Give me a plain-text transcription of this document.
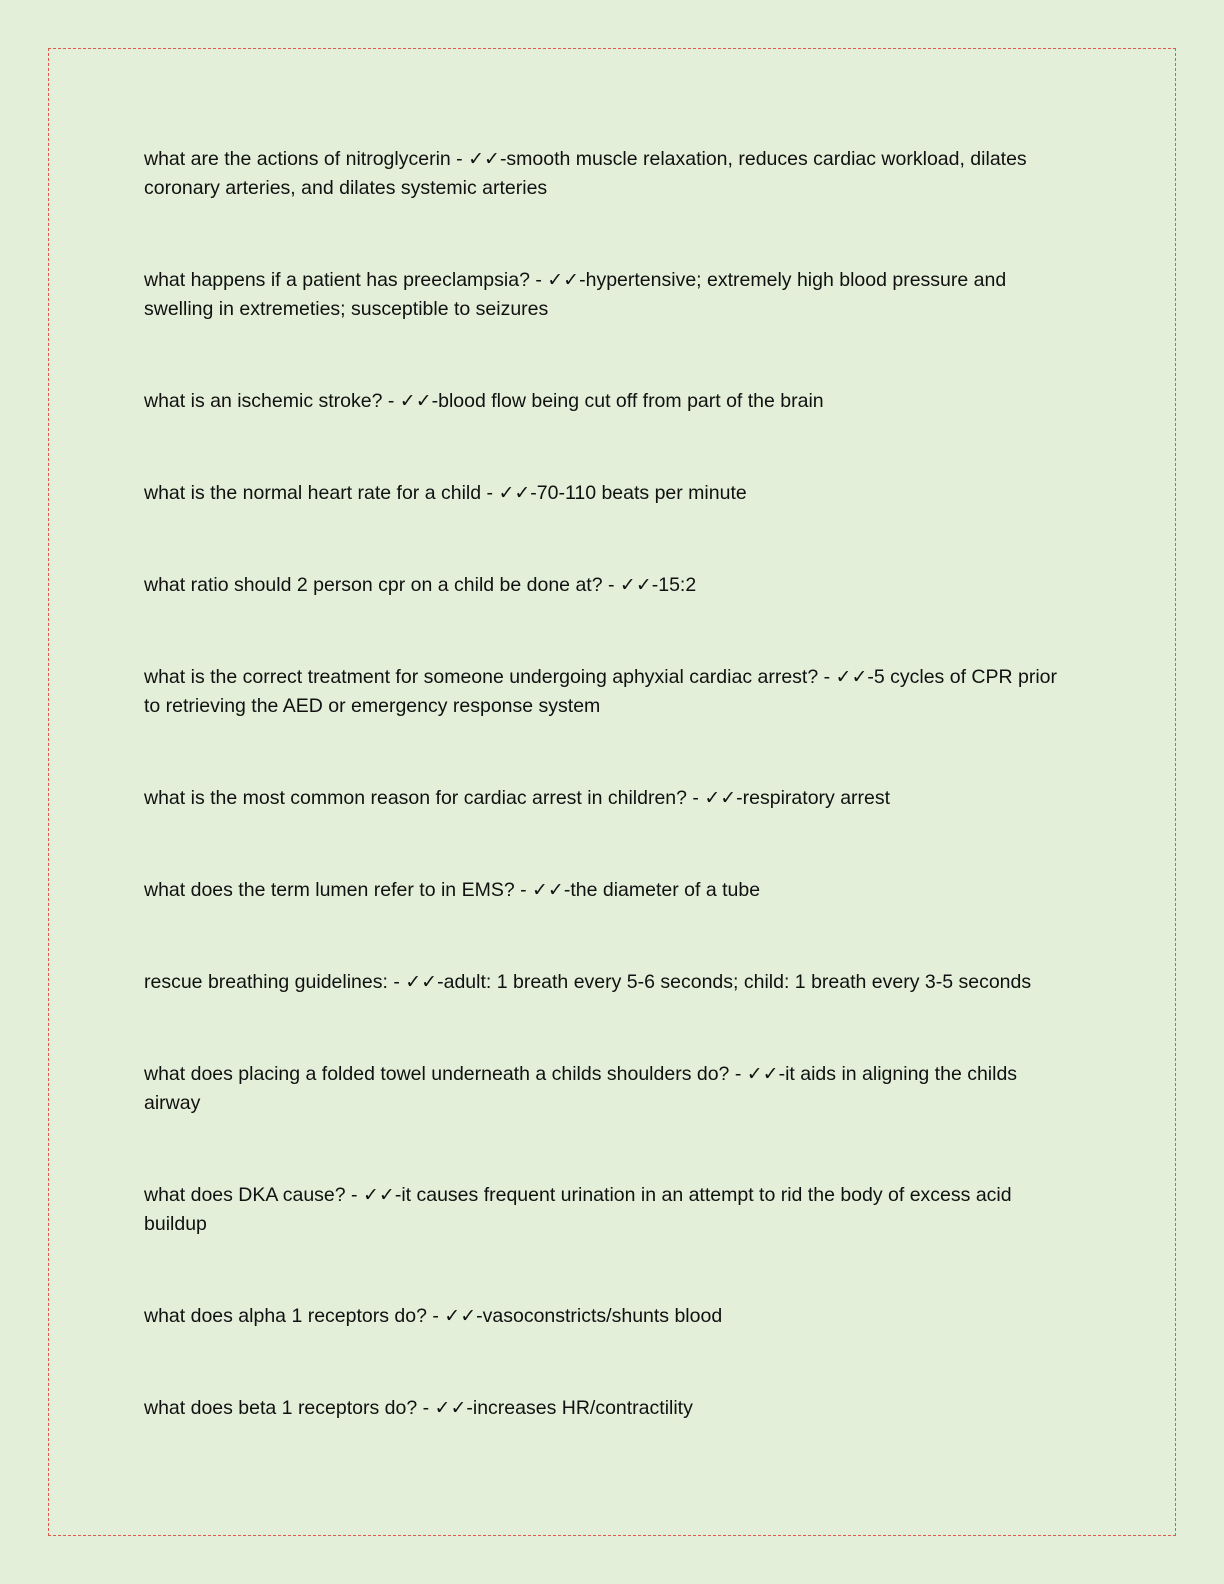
what are the actions of nitroglycerin - ✓✓-smooth muscle relaxation, reduces cardiac workload, dilates coronary arteries, and dilates systemic arteries
what happens if a patient has preeclampsia? - ✓✓-hypertensive; extremely high blood pressure and swelling in extremeties; susceptible to seizures
what is an ischemic stroke? - ✓✓-blood flow being cut off from part of the brain
what is the normal heart rate for a child - ✓✓-70-110 beats per minute
what ratio should 2 person cpr on a child be done at? - ✓✓-15:2
what is the correct treatment for someone undergoing aphyxial cardiac arrest? - ✓✓-5 cycles of CPR prior to retrieving the AED or emergency response system
what is the most common reason for cardiac arrest in children? - ✓✓-respiratory arrest
what does the term lumen refer to in EMS? - ✓✓-the diameter of a tube
rescue breathing guidelines: - ✓✓-adult: 1 breath every 5-6 seconds; child: 1 breath every 3-5 seconds
what does placing a folded towel underneath a childs shoulders do? - ✓✓-it aids in aligning the childs airway
what does DKA cause? - ✓✓-it causes frequent urination in an attempt to rid the body of excess acid buildup
what does alpha 1 receptors do? - ✓✓-vasoconstricts/shunts blood
what does beta 1 receptors do? - ✓✓-increases HR/contractility
